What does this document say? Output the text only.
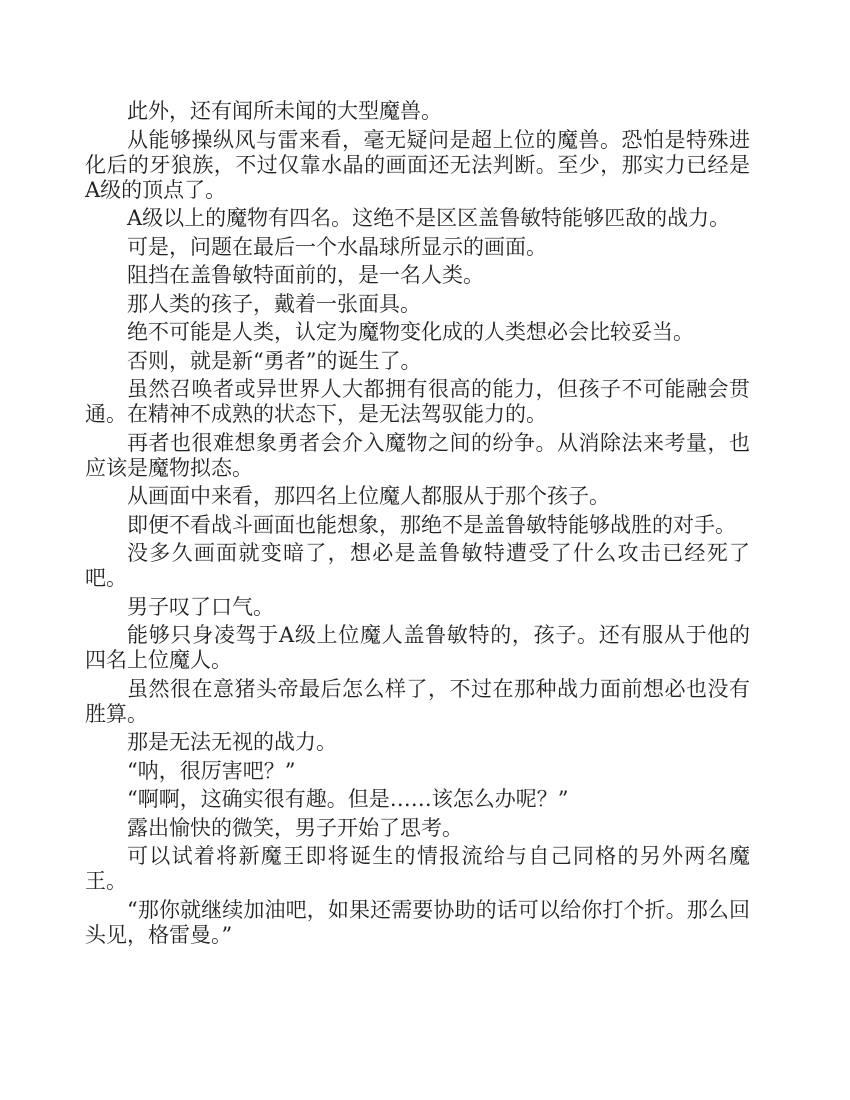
此外，还有闻所未闻的大型魔兽。

从能够操纵风与雷来看，毫无疑问是超上位的魔兽。恐怕是特殊进化后的牙狼族，不过仅靠水晶的画面还无法判断。至少，那实力已经是A级的顶点了。

A级以上的魔物有四名。这绝不是区区盖鲁敏特能够匹敌的战力。

可是，问题在最后一个水晶球所显示的画面。

阻挡在盖鲁敏特面前的，是一名人类。

那人类的孩子，戴着一张面具。

绝不可能是人类，认定为魔物变化成的人类想必会比较妥当。

否则，就是新“勇者”的诞生了。

虽然召唤者或异世界人大都拥有很高的能力，但孩子不可能融会贯通。在精神不成熟的状态下，是无法驾驭能力的。

再者也很难想象勇者会介入魔物之间的纷争。从消除法来考量，也应该是魔物拟态。

从画面中来看，那四名上位魔人都服从于那个孩子。

即便不看战斗画面也能想象，那绝不是盖鲁敏特能够战胜的对手。

没多久画面就变暗了，想必是盖鲁敏特遭受了什么攻击已经死了吧。

男子叹了口气。

能够只身凌驾于A级上位魔人盖鲁敏特的，孩子。还有服从于他的四名上位魔人。

虽然很在意猪头帝最后怎么样了，不过在那种战力面前想必也没有胜算。

那是无法无视的战力。

“呐，很厉害吧？”

“啊啊，这确实很有趣。但是……该怎么办呢？”

露出愉快的微笑，男子开始了思考。

可以试着将新魔王即将诞生的情报流给与自己同格的另外两名魔王。

“那你就继续加油吧，如果还需要协助的话可以给你打个折。那么回头见，格雷曼。”
